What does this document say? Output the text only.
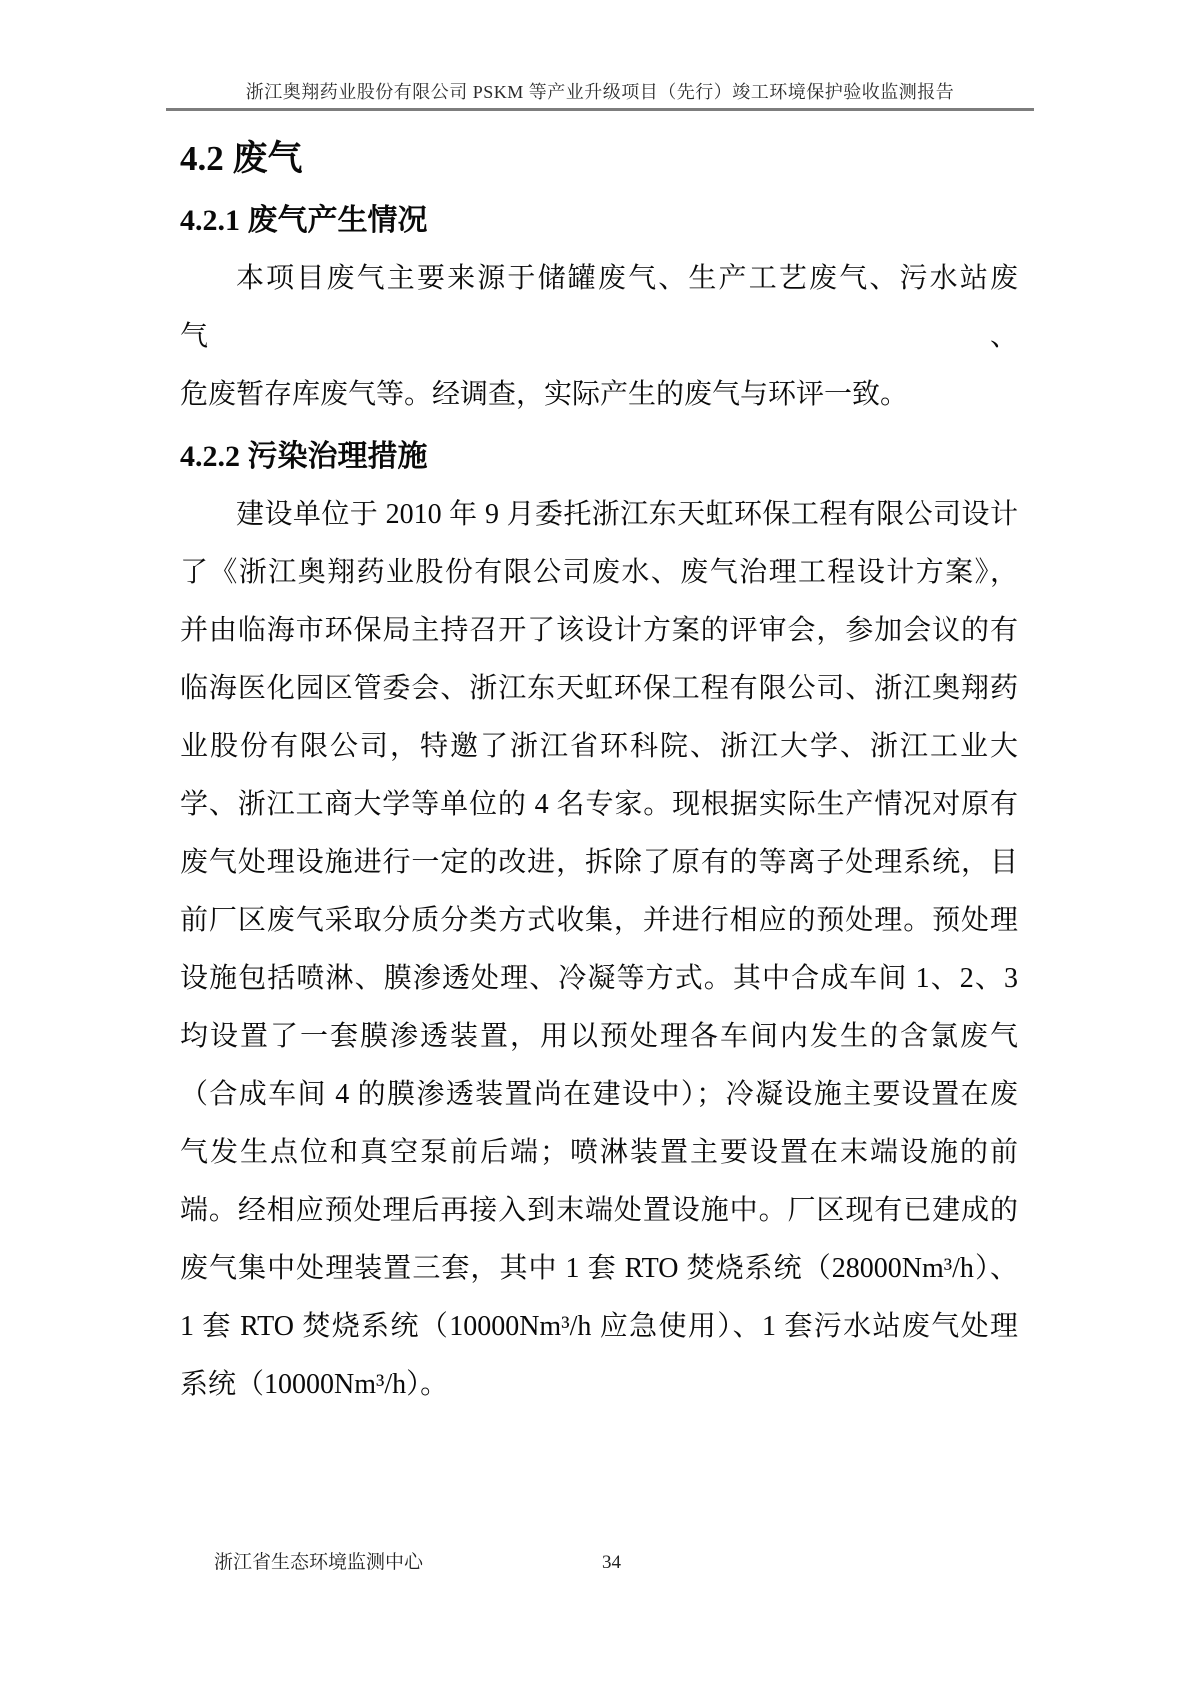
浙江奥翔药业股份有限公司 PSKM 等产业升级项目（先行）竣工环境保护验收监测报告
4.2 废气
4.2.1 废气产生情况
本项目废气主要来源于储罐废气、生产工艺废气、污水站废气、
危废暂存库废气等。经调查，实际产生的废气与环评一致。
4.2.2 污染治理措施
建设单位于 2010 年 9 月委托浙江东天虹环保工程有限公司设计
了《浙江奥翔药业股份有限公司废水、废气治理工程设计方案》，
并由临海市环保局主持召开了该设计方案的评审会，参加会议的有
临海医化园区管委会、浙江东天虹环保工程有限公司、浙江奥翔药
业股份有限公司，特邀了浙江省环科院、浙江大学、浙江工业大
学、浙江工商大学等单位的 4 名专家。现根据实际生产情况对原有
废气处理设施进行一定的改进，拆除了原有的等离子处理系统，目
前厂区废气采取分质分类方式收集，并进行相应的预处理。预处理
设施包括喷淋、膜渗透处理、冷凝等方式。其中合成车间 1、2、3
均设置了一套膜渗透装置，用以预处理各车间内发生的含氯废气
（合成车间 4 的膜渗透装置尚在建设中）；冷凝设施主要设置在废
气发生点位和真空泵前后端；喷淋装置主要设置在末端设施的前
端。经相应预处理后再接入到末端处置设施中。厂区现有已建成的
废气集中处理装置三套，其中 1 套 RTO 焚烧系统（28000Nm³/h）、
1 套 RTO 焚烧系统（10000Nm³/h 应急使用）、1 套污水站废气处理
系统（10000Nm³/h）。
浙江省生态环境监测中心	34
